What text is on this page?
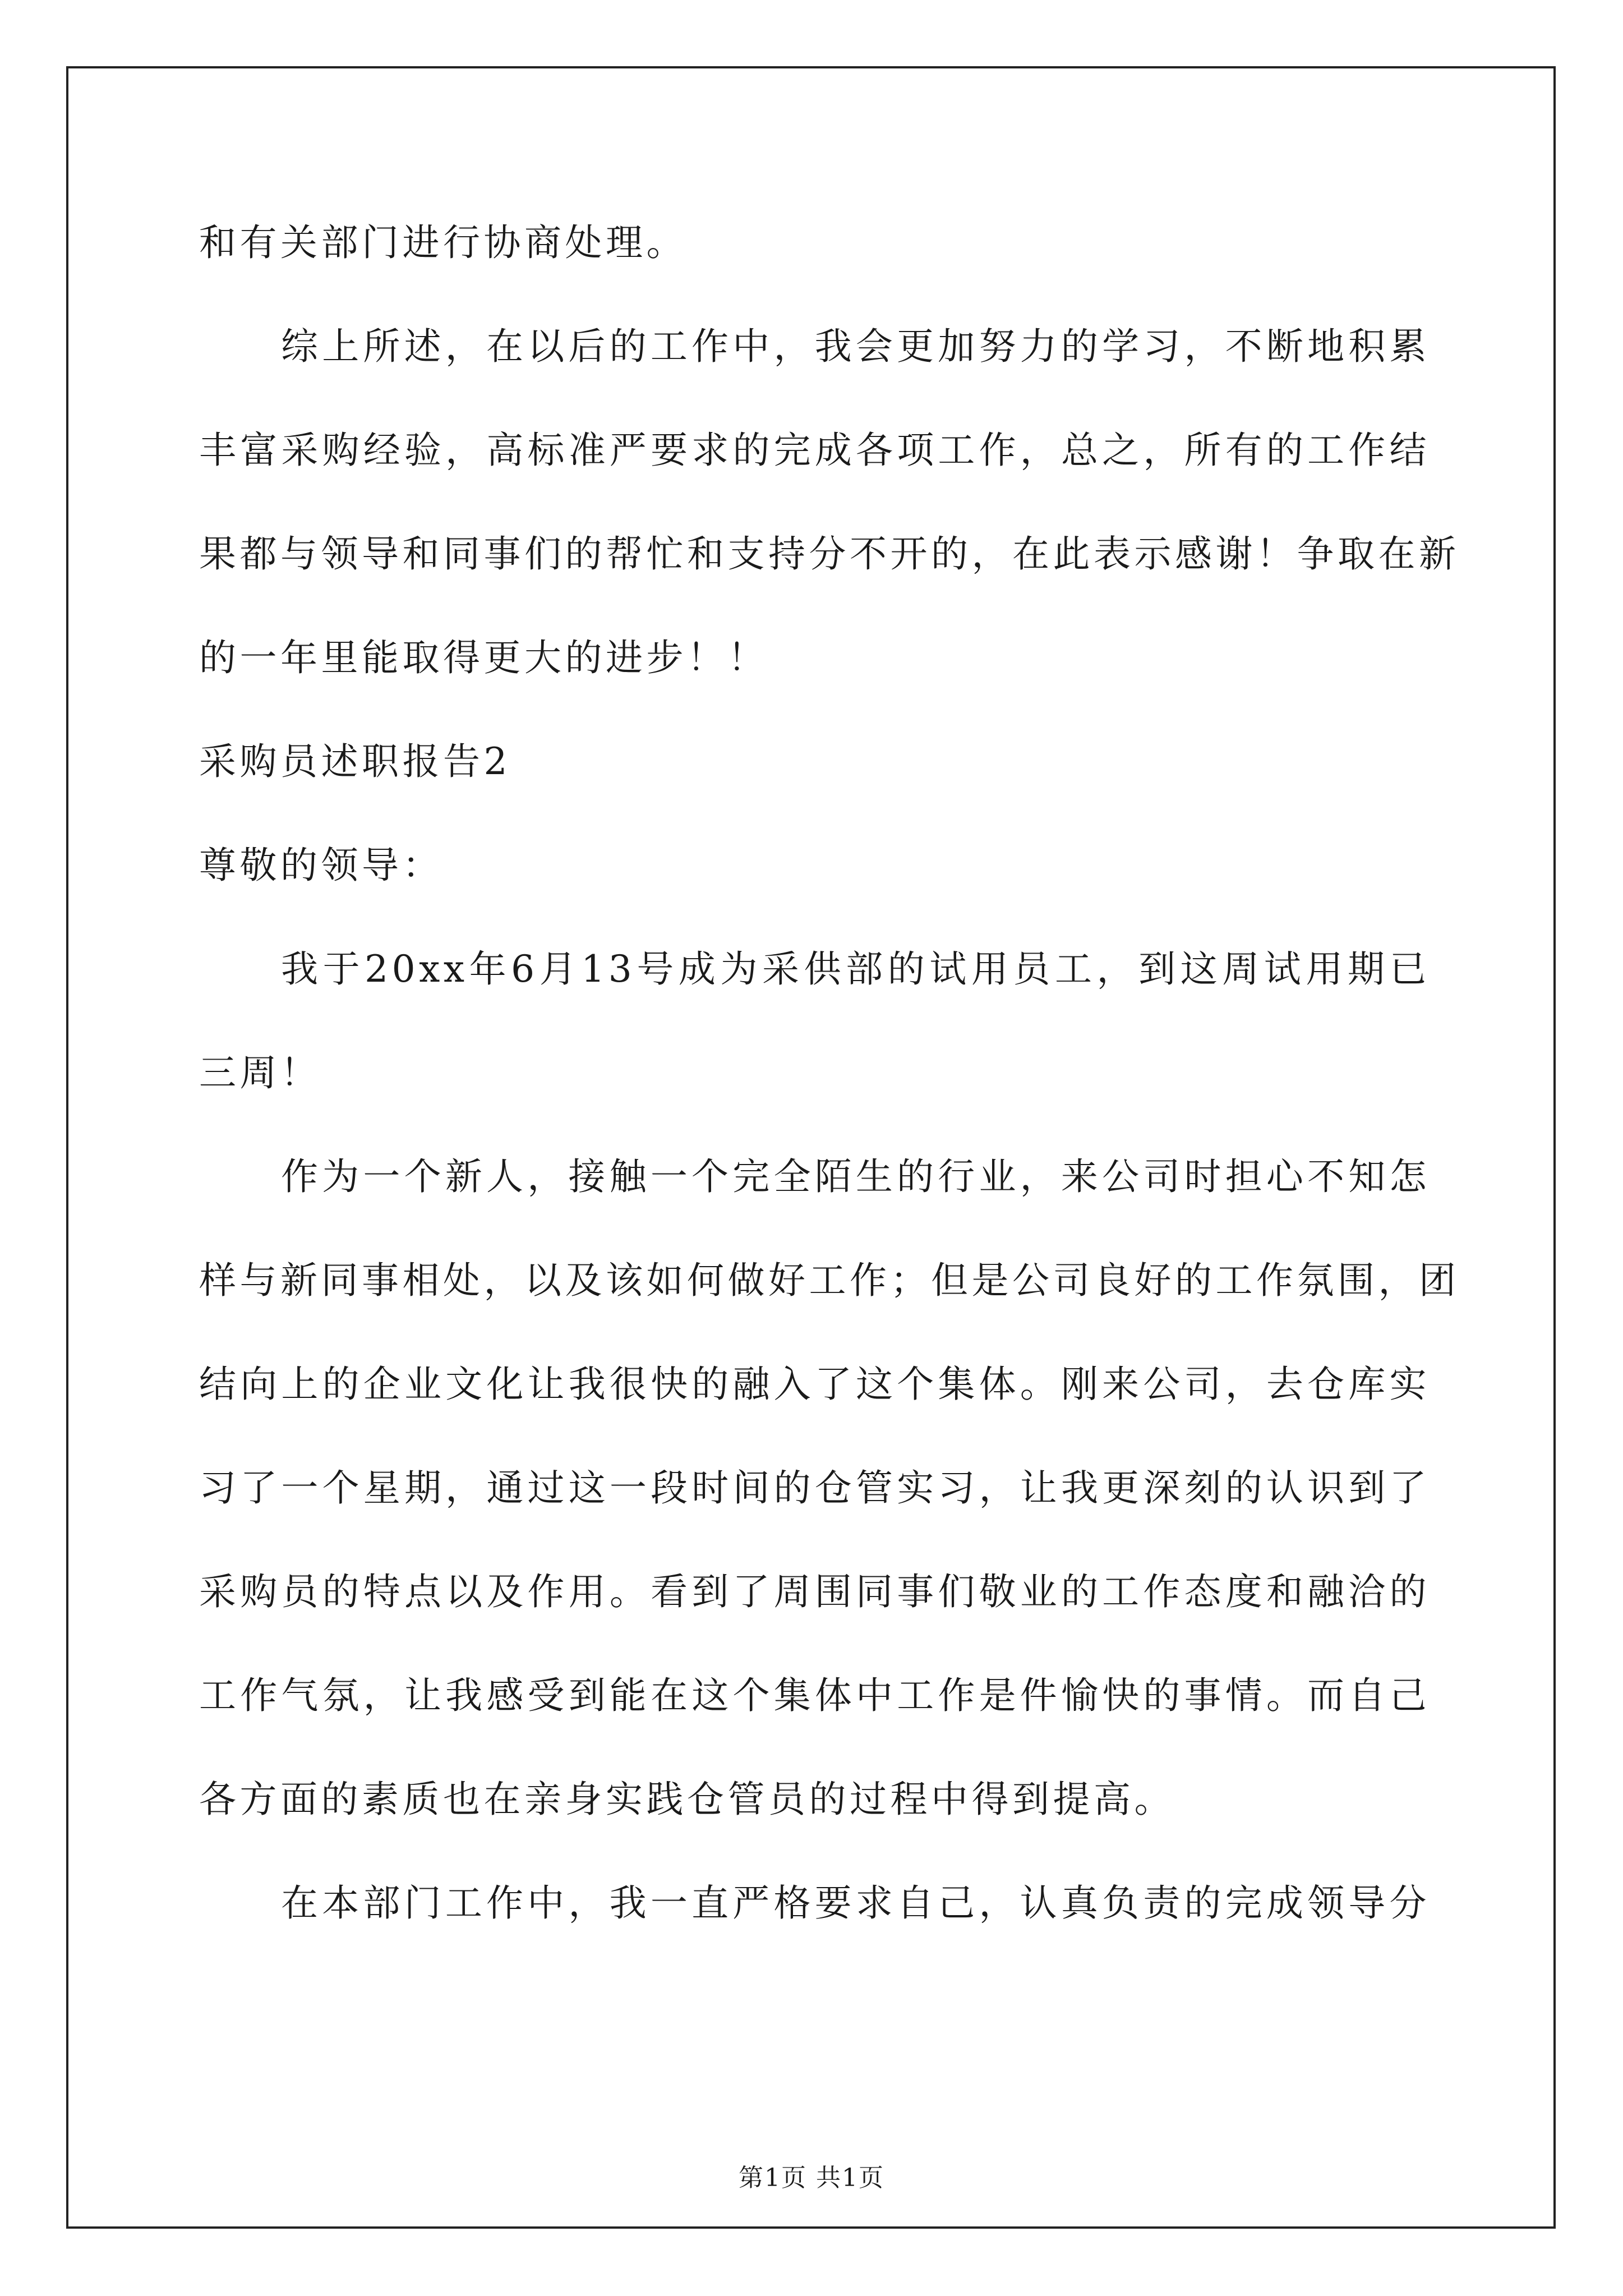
和有关部门进行协商处理。
综上所述，在以后的工作中，我会更加努力的学习，不断地积累
丰富采购经验，高标准严要求的完成各项工作，总之，所有的工作结
果都与领导和同事们的帮忙和支持分不开的，在此表示感谢！争取在新
的一年里能取得更大的进步！！
采购员述职报告2
尊敬的领导：
我于20xx年6月13号成为采供部的试用员工，到这周试用期已
三周！
作为一个新人，接触一个完全陌生的行业，来公司时担心不知怎
样与新同事相处，以及该如何做好工作；但是公司良好的工作氛围，团
结向上的企业文化让我很快的融入了这个集体。刚来公司，去仓库实
习了一个星期，通过这一段时间的仓管实习，让我更深刻的认识到了
采购员的特点以及作用。看到了周围同事们敬业的工作态度和融洽的
工作气氛，让我感受到能在这个集体中工作是件愉快的事情。而自己
各方面的素质也在亲身实践仓管员的过程中得到提高。
在本部门工作中，我一直严格要求自己，认真负责的完成领导分
第1页 共1页
